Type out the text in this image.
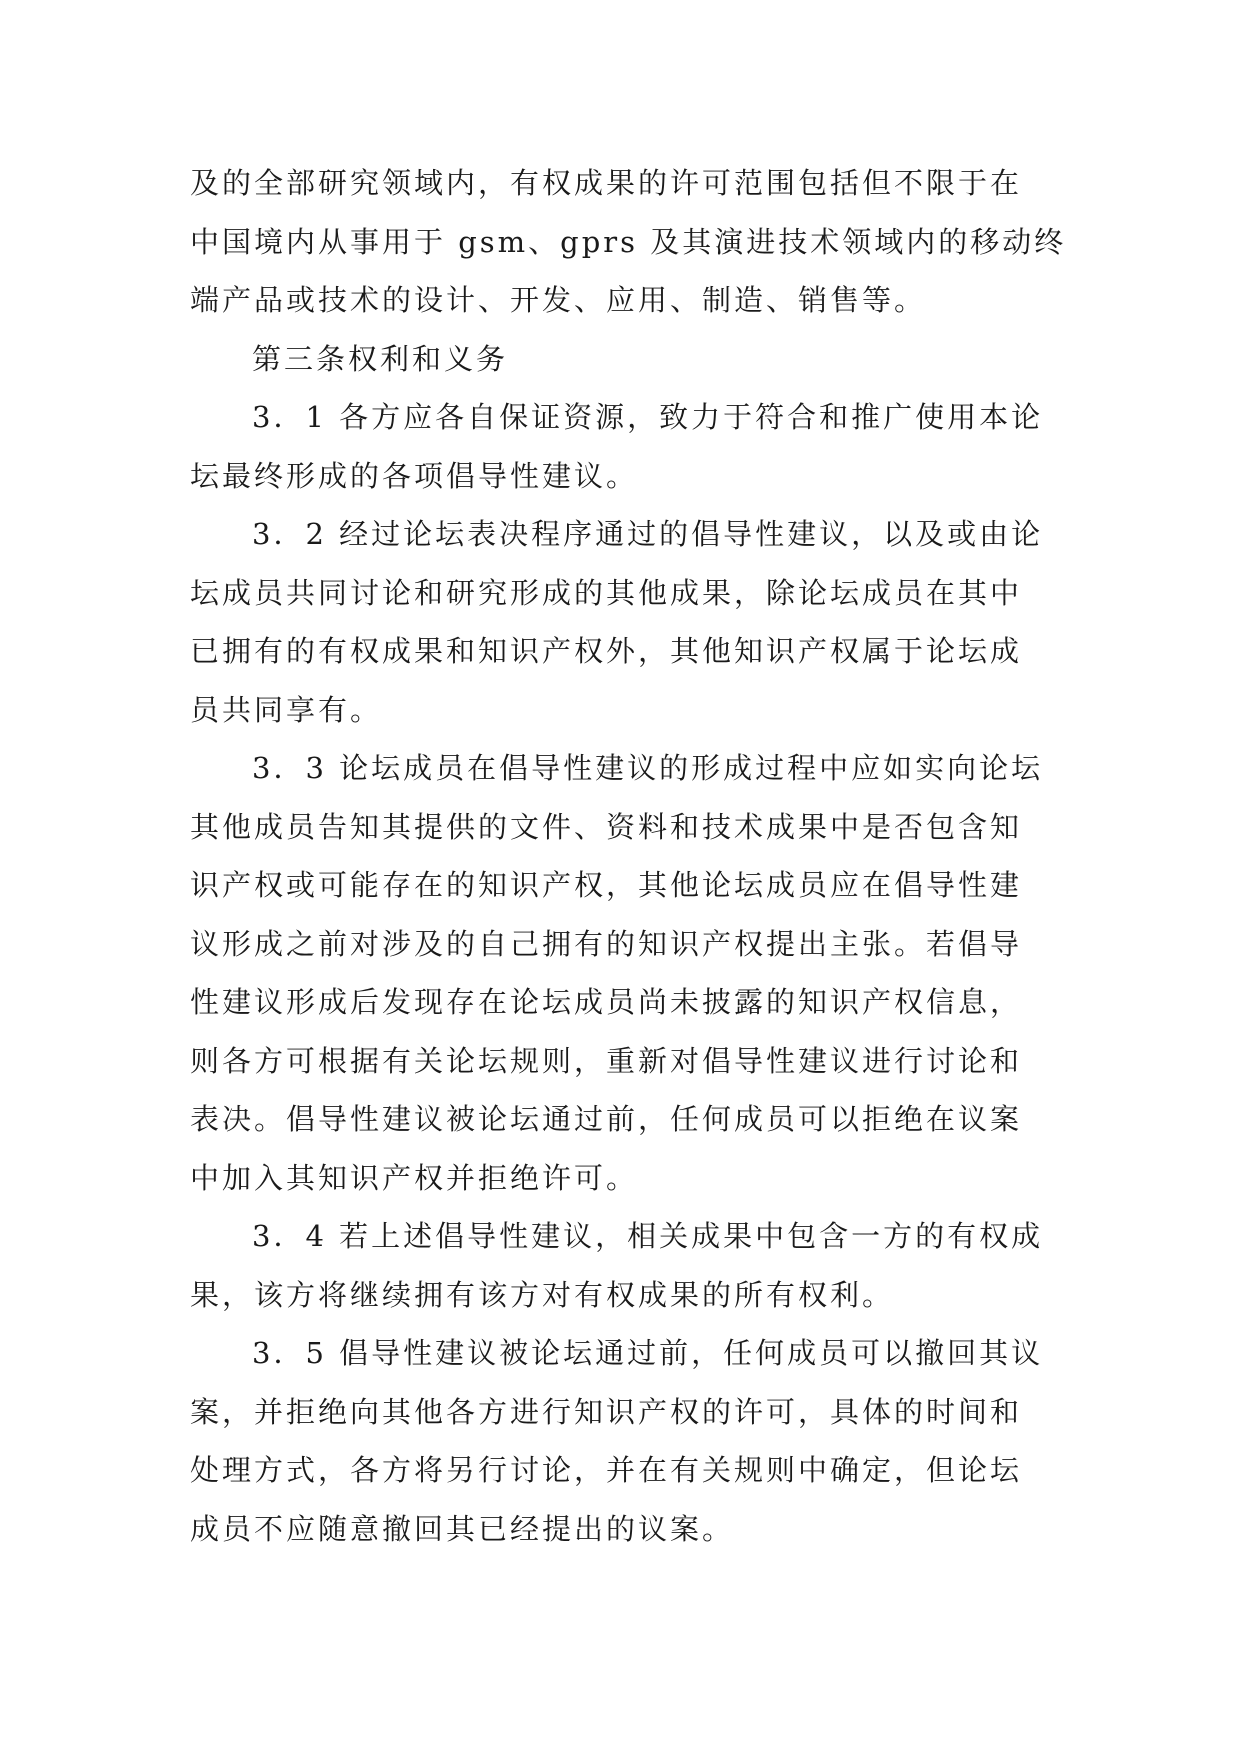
及的全部研究领域内，有权成果的许可范围包括但不限于在
中国境内从事用于 gsm、gprs 及其演进技术领域内的移动终
端产品或技术的设计、开发、应用、制造、销售等。
第三条权利和义务
3．1 各方应各自保证资源，致力于符合和推广使用本论
坛最终形成的各项倡导性建议。
3．2 经过论坛表决程序通过的倡导性建议，以及或由论
坛成员共同讨论和研究形成的其他成果，除论坛成员在其中
已拥有的有权成果和知识产权外，其他知识产权属于论坛成
员共同享有。
3．3 论坛成员在倡导性建议的形成过程中应如实向论坛
其他成员告知其提供的文件、资料和技术成果中是否包含知
识产权或可能存在的知识产权，其他论坛成员应在倡导性建
议形成之前对涉及的自己拥有的知识产权提出主张。若倡导
性建议形成后发现存在论坛成员尚未披露的知识产权信息，
则各方可根据有关论坛规则，重新对倡导性建议进行讨论和
表决。倡导性建议被论坛通过前，任何成员可以拒绝在议案
中加入其知识产权并拒绝许可。
3．4 若上述倡导性建议，相关成果中包含一方的有权成
果，该方将继续拥有该方对有权成果的所有权利。
3．5 倡导性建议被论坛通过前，任何成员可以撤回其议
案，并拒绝向其他各方进行知识产权的许可，具体的时间和
处理方式，各方将另行讨论，并在有关规则中确定，但论坛
成员不应随意撤回其已经提出的议案。
